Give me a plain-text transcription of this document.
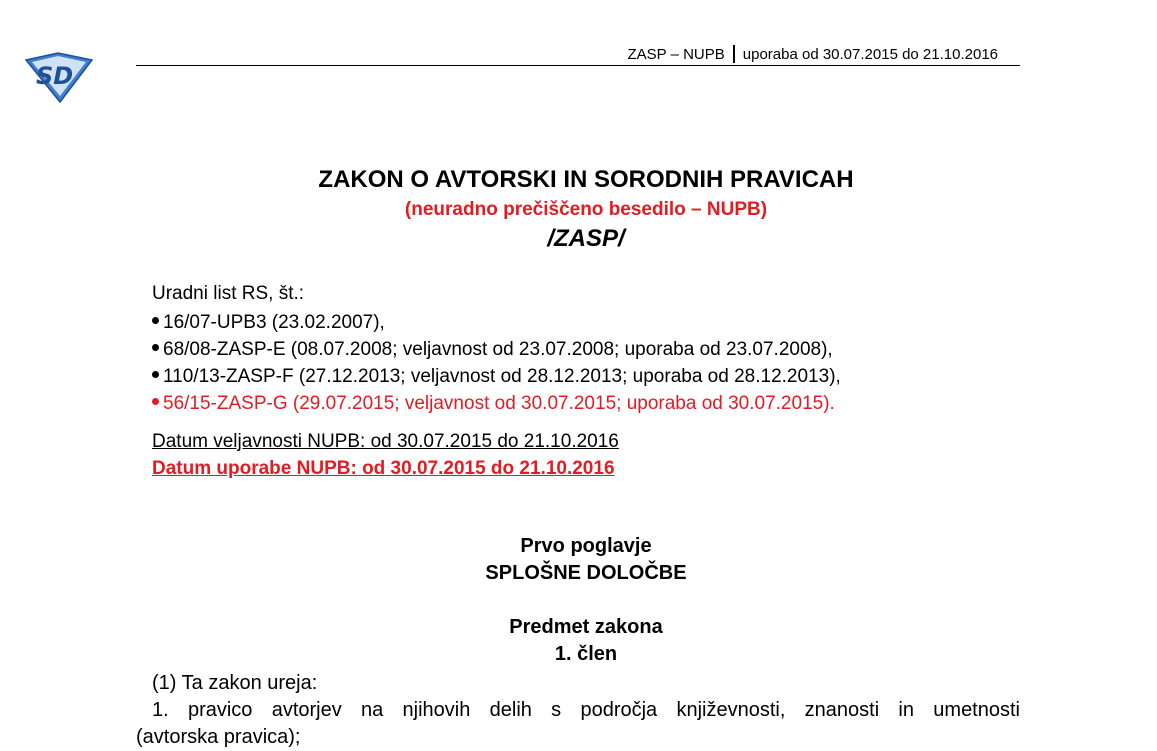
SD
ZASP – NUPB uporaba od 30.07.2015 do 21.10.2016
ZAKON O AVTORSKI IN SORODNIH PRAVICAH
(neuradno prečiščeno besedilo – NUPB)
/ZASP/
Uradni list RS, št.:
16/07-UPB3 (23.02.2007),
68/08-ZASP-E (08.07.2008; veljavnost od 23.07.2008; uporaba od 23.07.2008),
110/13-ZASP-F (27.12.2013; veljavnost od 28.12.2013; uporaba od 28.12.2013),
56/15-ZASP-G (29.07.2015; veljavnost od 30.07.2015; uporaba od 30.07.2015).
Datum veljavnosti NUPB: od 30.07.2015 do 21.10.2016
Datum uporabe NUPB: od 30.07.2015 do 21.10.2016
Prvo poglavje
SPLOŠNE DOLOČBE
Predmet zakona
1. člen
(1) Ta zakon ureja:
1. pravico avtorjev na njihovih delih s področja književnosti, znanosti in umetnosti
(avtorska pravica);
